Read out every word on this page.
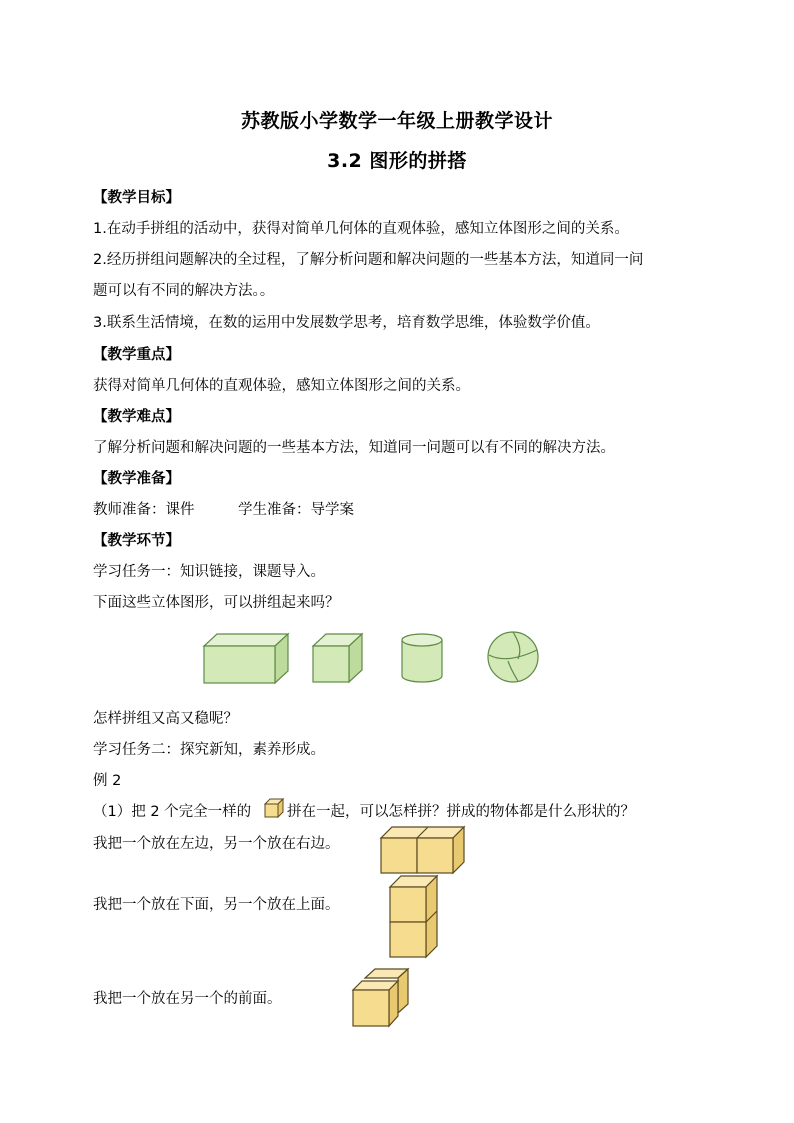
苏教版小学数学一年级上册教学设计
3.2 图形的拼搭
【教学目标】
1.在动手拼组的活动中，获得对简单几何体的直观体验，感知立体图形之间的关系。
2.经历拼组问题解决的全过程，了解分析问题和解决问题的一些基本方法，知道同一问
题可以有不同的解决方法。。
3.联系生活情境，在数的运用中发展数学思考，培育数学思维，体验数学价值。
【教学重点】
获得对简单几何体的直观体验，感知立体图形之间的关系。
【教学难点】
了解分析问题和解决问题的一些基本方法，知道同一问题可以有不同的解决方法。
【教学准备】
教师准备：课件	学生准备：导学案
【教学环节】
学习任务一：知识链接，课题导入。
下面这些立体图形，可以拼组起来吗？
怎样拼组又高又稳呢？
学习任务二：探究新知，素养形成。
例 2
（1）把 2 个完全一样的 拼在一起，可以怎样拼？拼成的物体都是什么形状的？
我把一个放在左边，另一个放在右边。
我把一个放在下面，另一个放在上面。
我把一个放在另一个的前面。
